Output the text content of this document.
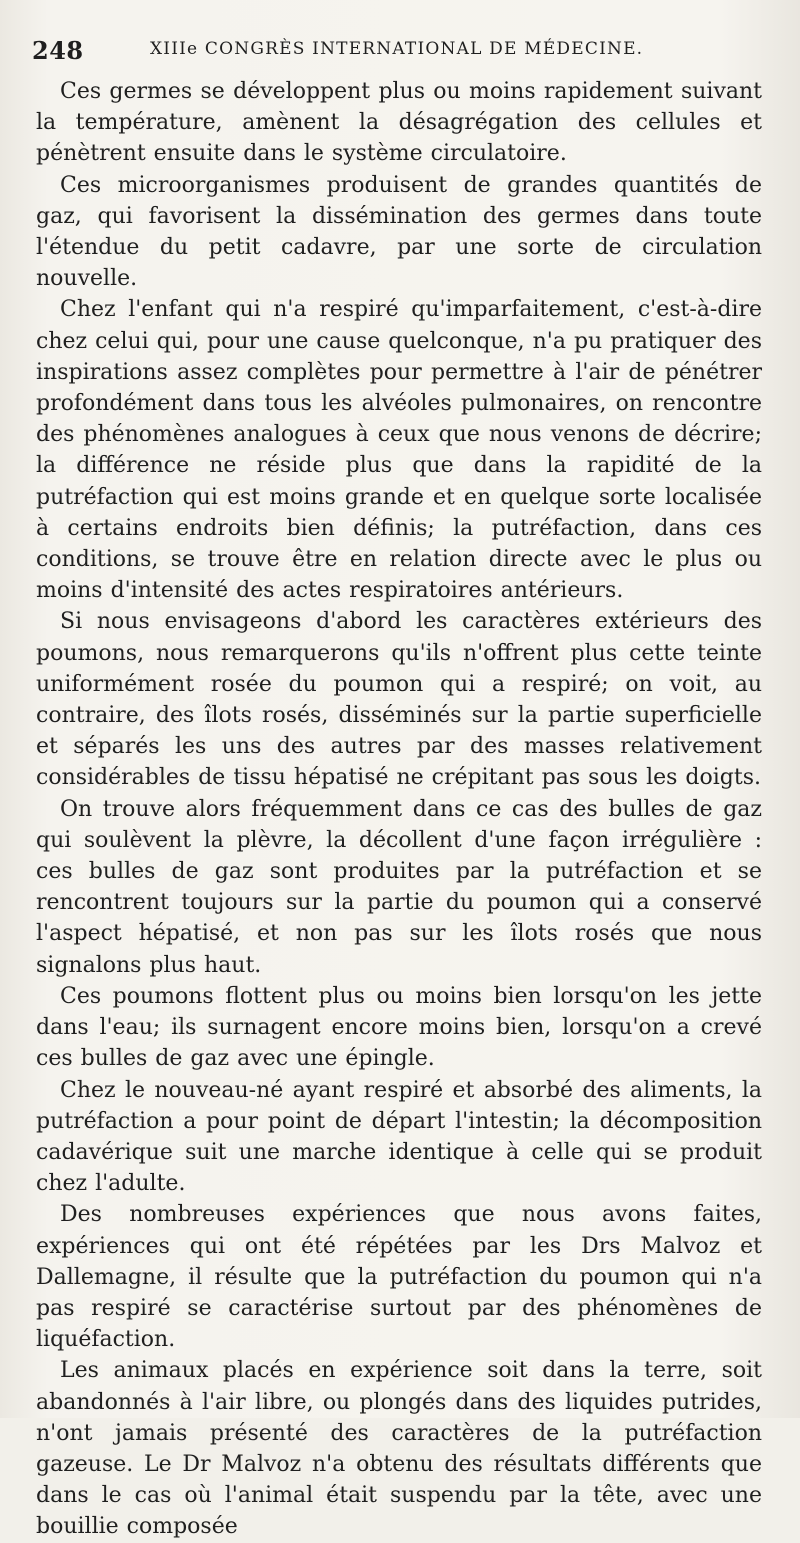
248	XIIIe CONGRÈS INTERNATIONAL DE MÉDECINE.

Ces germes se développent plus ou moins rapidement suivant la température, amènent la désagrégation des cellules et pénètrent ensuite dans le système circulatoire.

Ces microorganismes produisent de grandes quantités de gaz, qui favorisent la dissémination des germes dans toute l'étendue du petit cadavre, par une sorte de circulation nouvelle.

Chez l'enfant qui n'a respiré qu'imparfaitement, c'est-à-dire chez celui qui, pour une cause quelconque, n'a pu pratiquer des inspirations assez complètes pour permettre à l'air de pénétrer profondément dans tous les alvéoles pulmonaires, on rencontre des phénomènes analogues à ceux que nous venons de décrire; la différence ne réside plus que dans la rapidité de la putréfaction qui est moins grande et en quelque sorte localisée à certains endroits bien définis; la putréfaction, dans ces conditions, se trouve être en relation directe avec le plus ou moins d'intensité des actes respiratoires antérieurs.

Si nous envisageons d'abord les caractères extérieurs des poumons, nous remarquerons qu'ils n'offrent plus cette teinte uniformément rosée du poumon qui a respiré; on voit, au contraire, des îlots rosés, disséminés sur la partie superficielle et séparés les uns des autres par des masses relativement considérables de tissu hépatisé ne crépitant pas sous les doigts.

On trouve alors fréquemment dans ce cas des bulles de gaz qui soulèvent la plèvre, la décollent d'une façon irrégulière : ces bulles de gaz sont produites par la putréfaction et se rencontrent toujours sur la partie du poumon qui a conservé l'aspect hépatisé, et non pas sur les îlots rosés que nous signalons plus haut.

Ces poumons flottent plus ou moins bien lorsqu'on les jette dans l'eau; ils surnagent encore moins bien, lorsqu'on a crevé ces bulles de gaz avec une épingle.

Chez le nouveau-né ayant respiré et absorbé des aliments, la putréfaction a pour point de départ l'intestin; la décomposition cadavérique suit une marche identique à celle qui se produit chez l'adulte.

Des nombreuses expériences que nous avons faites, expériences qui ont été répétées par les Drs Malvoz et Dallemagne, il résulte que la putréfaction du poumon qui n'a pas respiré se caractérise surtout par des phénomènes de liquéfaction.

Les animaux placés en expérience soit dans la terre, soit abandonnés à l'air libre, ou plongés dans des liquides putrides, n'ont jamais présenté des caractères de la putréfaction gazeuse. Le Dr Malvoz n'a obtenu des résultats différents que dans le cas où l'animal était suspendu par la tête, avec une bouillie composée
